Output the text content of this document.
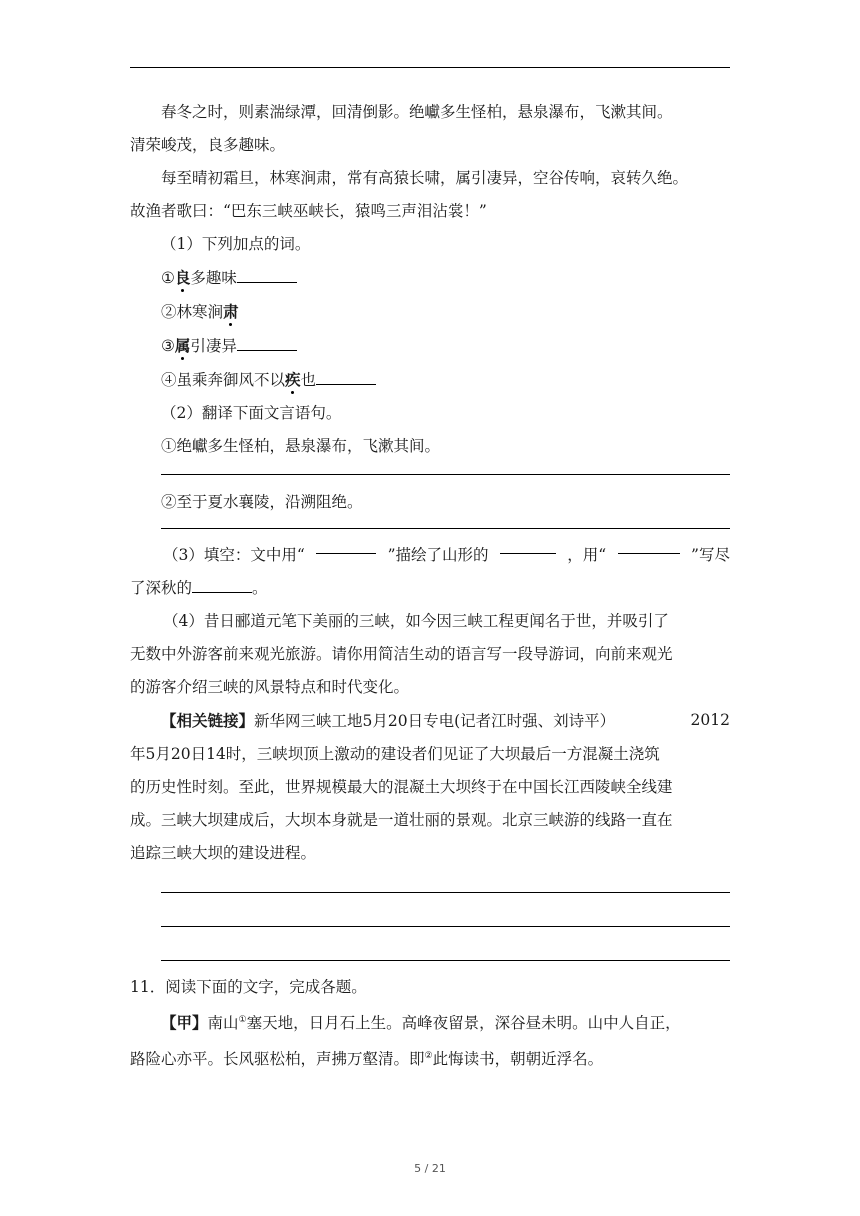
春冬之时，则素湍绿潭，回清倒影。绝巘多生怪柏，悬泉瀑布，飞漱其间。

清荣峻茂，良多趣味。

每至晴初霜旦，林寒涧肃，常有高猿长啸，属引凄异，空谷传响，哀转久绝。

故渔者歌曰：“巴东三峡巫峡长，猿鸣三声泪沾裳！”

（1）下列加点的词。

①良多趣味

②林寒涧肃

③属引凄异

④虽乘奔御风不以疾也

（2）翻译下面文言语句。

①绝巘多生怪柏，悬泉瀑布，飞漱其间。

②至于夏水襄陵，沿溯阻绝。

（3）填空：文中用“	”描绘了山形的	，用“	”写尽

了深秋的	。

（4）昔日郦道元笔下美丽的三峡，如今因三峡工程更闻名于世，并吸引了

无数中外游客前来观光旅游。请你用简洁生动的语言写一段导游词，向前来观光

的游客介绍三峡的风景特点和时代变化。

【相关链接】新华网三峡工地5月20日专电(记者江时强、刘诗平）	2012

年5月20日14时，三峡坝顶上激动的建设者们见证了大坝最后一方混凝土浇筑

的历史性时刻。至此，世界规模最大的混凝土大坝终于在中国长江西陵峡全线建

成。三峡大坝建成后，大坝本身就是一道壮丽的景观。北京三峡游的线路一直在

追踪三峡大坝的建设进程。

11．阅读下面的文字，完成各题。

【甲】南山①塞天地，日月石上生。高峰夜留景，深谷昼未明。山中人自正，

路险心亦平。长风驱松柏，声拂万壑清。即②此悔读书，朝朝近浮名。

5 / 21
